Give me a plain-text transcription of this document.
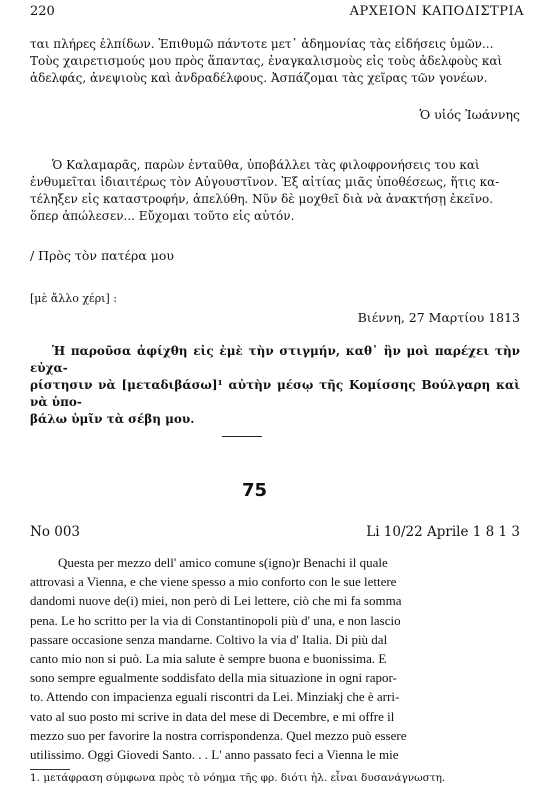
220	ΑΡΧΕΙΟΝ ΚΑΠΟΔΙΣΤΡΙΑ
ται πλήρες ἐλπίδων. Ἐπιθυμῶ πάντοτε μετ᾽ ἀδημονίας τὰς εἰδήσεις ὑμῶν...
Τοὺς χαιρετισμούς μου πρὸς ἅπαντας, ἐναγκαλισμοὺς εἰς τοὺς ἀδελφοὺς καὶ
ἀδελφάς, ἀνεψιοὺς καὶ ἀνδραδέλφους. Ἀσπάζομαι τὰς χεῖρας τῶν γονέων.
Ὁ υἱός Ἰωάννης
Ὁ Καλαμαρᾶς, παρὼν ἐνταῦθα, ὑποβάλλει τὰς φιλοφρονήσεις του καὶ
ἐνθυμεῖται ἰδιαιτέρως τὸν Αὐγουστῖνον. Ἐξ αἰτίας μιᾶς ὑποθέσεως, ἥτις κα-
τέληξεν εἰς καταστροφήν, ἀπελύθη. Νῦν δὲ μοχθεῖ διὰ νὰ ἀνακτήσῃ ἐκεῖνο.
ὅπερ ἀπώλεσεν... Εὔχομαι τοῦτο εἰς αὐτόν.
/ Πρὸς τὸν πατέρα μου
[μὲ ἄλλο χέρι] :
Βιέννη, 27 Μαρτίου 1813
Ἡ παροῦσα ἀφίχθη εἰς ἐμὲ τὴν στιγμήν, καθ᾽ ἣν μοὶ παρέχει τὴν εὐχα-
ρίστησιν νὰ [μεταδιβάσω]¹ αὐτὴν μέσῳ τῆς Κομίσσης Βούλγαρη καὶ νὰ ὑπο-
βάλω ὑμῖν τὰ σέβη μου.
75
No 003	Li 10/22 Aprile 1 8 1 3
Questa per mezzo dell' amico comune s(igno)r Benachi il quale
attrovasi a Vienna, e che viene spesso a mio conforto con le sue lettere
dandomi nuove de(i) miei, non però di Lei lettere, ciò che mi fa somma
pena. Le ho scritto per la via di Constantinopoli più d' una, e non lascio
passare occasione senza mandarne. Coltivo la via d' Italia. Di più dal
canto mio non si può. La mia salute è sempre buona e buonissima. E
sono sempre egualmente soddisfato della mia situazione in ogni rapor-
to. Attendo con impacienza eguali riscontri da Lei. Minziakj che è arri-
vato al suo posto mi scrive in data del mese di Decembre, e mi offre il
mezzo suo per favorire la nostra corrispondenza. Quel mezzo può essere
utilissimo. Oggi Giovedi Santo. . . L' anno passato feci a Vienna le mie
1. μετάφραση σύμφωνα πρὸς τὸ νόημα τῆς φρ. διότι ἡλ. εἶναι δυσανάγνωστη.
